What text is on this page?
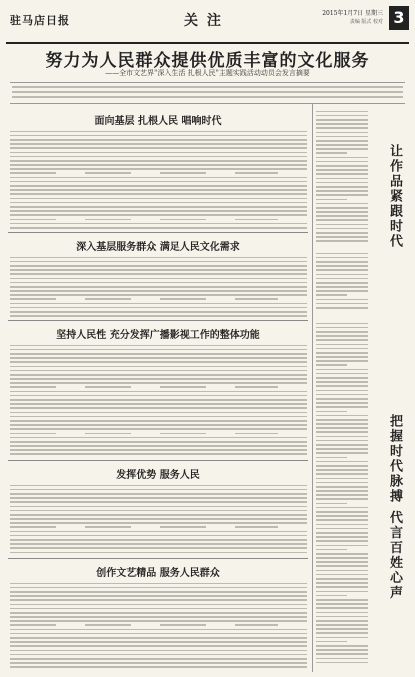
驻马店日报	关 注	2015年1月7日 星期三
责编 版式 校对 3
努力为人民群众提供优质丰富的文化服务
——全市文艺界"深入生活 扎根人民"主题实践活动动员会发言摘要
面向基层 扎根人民 唱响时代
深入基层服务群众 满足人民文化需求
坚持人民性 充分发挥广播影视工作的整体功能
发挥优势 服务人民
创作文艺精品 服务人民群众
让作品紧跟时代
把握时代脉搏 代言百姓心声
